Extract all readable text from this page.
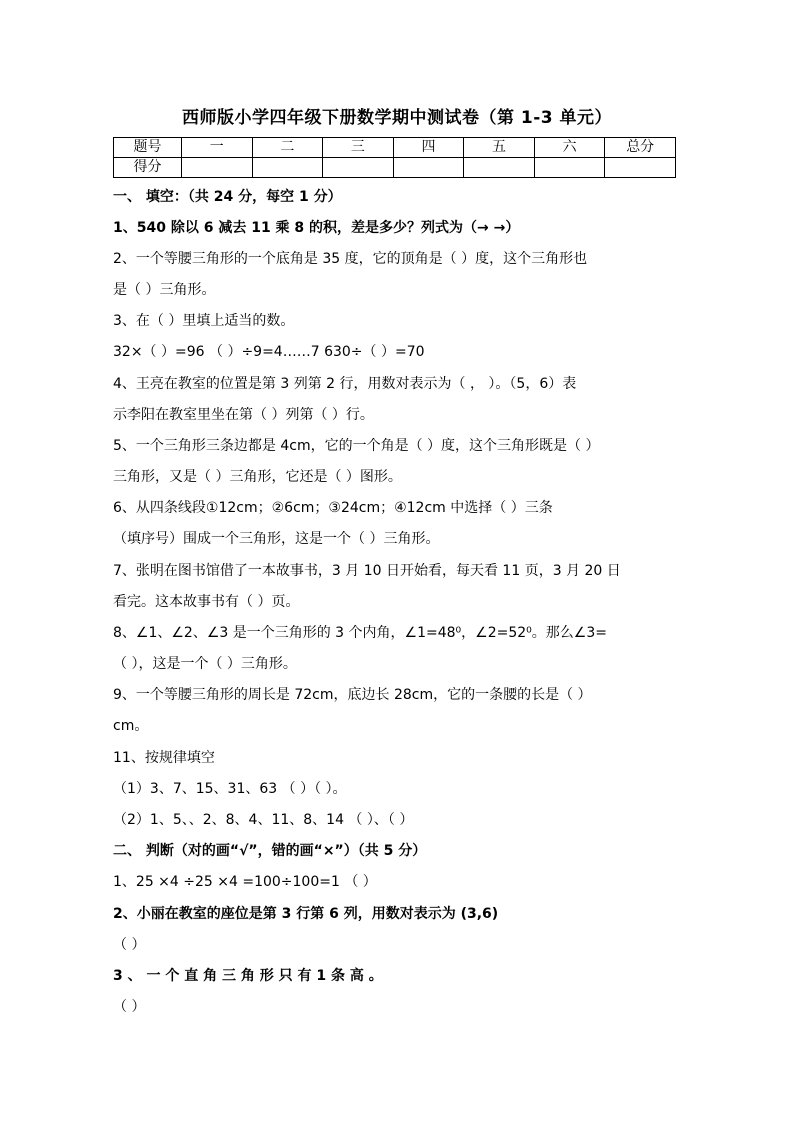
西师版小学四年级下册数学期中测试卷（第 1-3 单元）
题号	一	二	三	四	五	六	总分
得分							
一、 填空：（共 24 分，每空 1 分）
1、540 除以 6 减去 11 乘 8 的积，差是多少？列式为（→ →）
2、一个等腰三角形的一个底角是 35 度，它的顶角是（ ）度，这个三角形也
是（ ）三角形。
3、在（ ）里填上适当的数。
32×（ ）=96 （ ）÷9=4……7 630÷（ ）=70
4、王亮在教室的位置是第 3 列第 2 行，用数对表示为（ ， ）。（5，6）表
示李阳在教室里坐在第（ ）列第（ ）行。
5、一个三角形三条边都是 4cm，它的一个角是（ ）度，这个三角形既是（ ）
三角形，又是（ ）三角形，它还是（ ）图形。
6、从四条线段①12cm；②6cm；③24cm；④12cm 中选择（ ）三条
（填序号）围成一个三角形，这是一个（ ）三角形。
7、张明在图书馆借了一本故事书，3 月 10 日开始看，每天看 11 页，3 月 20 日
看完。这本故事书有（ ）页。
8、∠1、∠2、∠3 是一个三角形的 3 个内角，∠1=48⁰，∠2=52⁰。那么∠3=
（ ），这是一个（ ）三角形。
9、一个等腰三角形的周长是 72cm，底边长 28cm，它的一条腰的长是（ ）
cm。
11、按规律填空
（1）3、7、15、31、63 （ ）（ ）。
（2）1、5、、2、8、4、11、8、14 （ ）、（ ）
二、 判断（对的画“√”，错的画“×”）（共 5 分）
1、25 ×4 ÷25 ×4 =100÷100=1 （ ）
2、小丽在教室的座位是第 3 行第 6 列，用数对表示为 (3,6)
（ ）
3 、 一 个 直 角 三 角 形 只 有 1 条 高 。
（ ）
